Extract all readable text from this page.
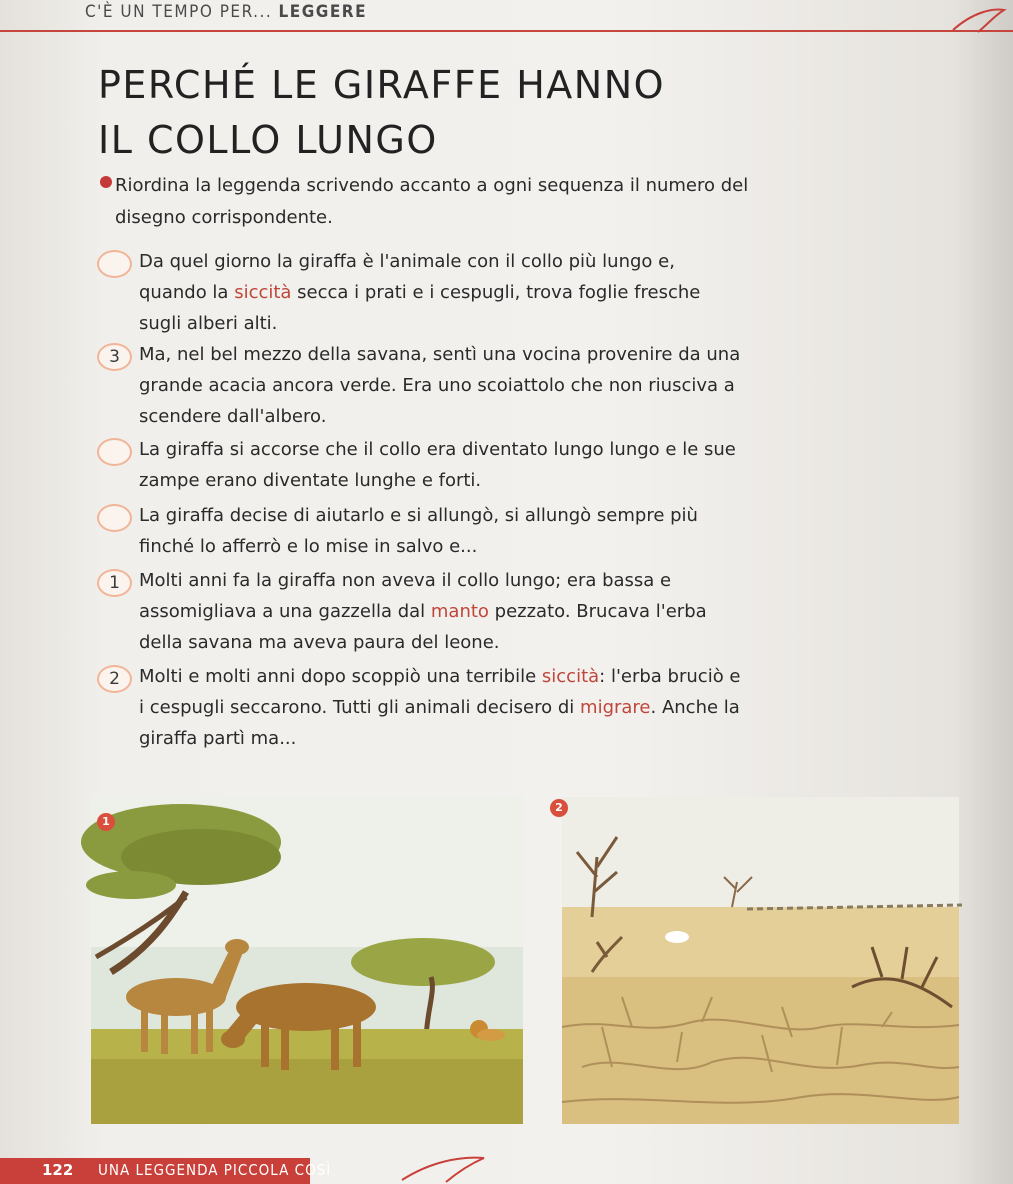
C'È UN TEMPO PER... LEGGERE
PERCHÉ LE GIRAFFE HANNO
IL COLLO LUNGO
Riordina la leggenda scrivendo accanto a ogni sequenza il numero del disegno corrispondente.
Da quel giorno la giraffa è l'animale con il collo più lungo e, quando la siccità secca i prati e i cespugli, trova foglie fresche sugli alberi alti.
3	Ma, nel bel mezzo della savana, sentì una vocina provenire da una grande acacia ancora verde. Era uno scoiattolo che non riusciva a scendere dall'albero.
La giraffa si accorse che il collo era diventato lungo lungo e le sue zampe erano diventate lunghe e forti.
La giraffa decise di aiutarlo e si allungò, si allungò sempre più finché lo afferrò e lo mise in salvo e...
1	Molti anni fa la giraffa non aveva il collo lungo; era bassa e assomigliava a una gazzella dal manto pezzato. Brucava l'erba della savana ma aveva paura del leone.
2	Molti e molti anni dopo scoppiò una terribile siccità: l'erba bruciò e i cespugli seccarono. Tutti gli animali decisero di migrare. Anche la giraffa partì ma...
1
2
122 UNA LEGGENDA PICCOLA COSÌ
